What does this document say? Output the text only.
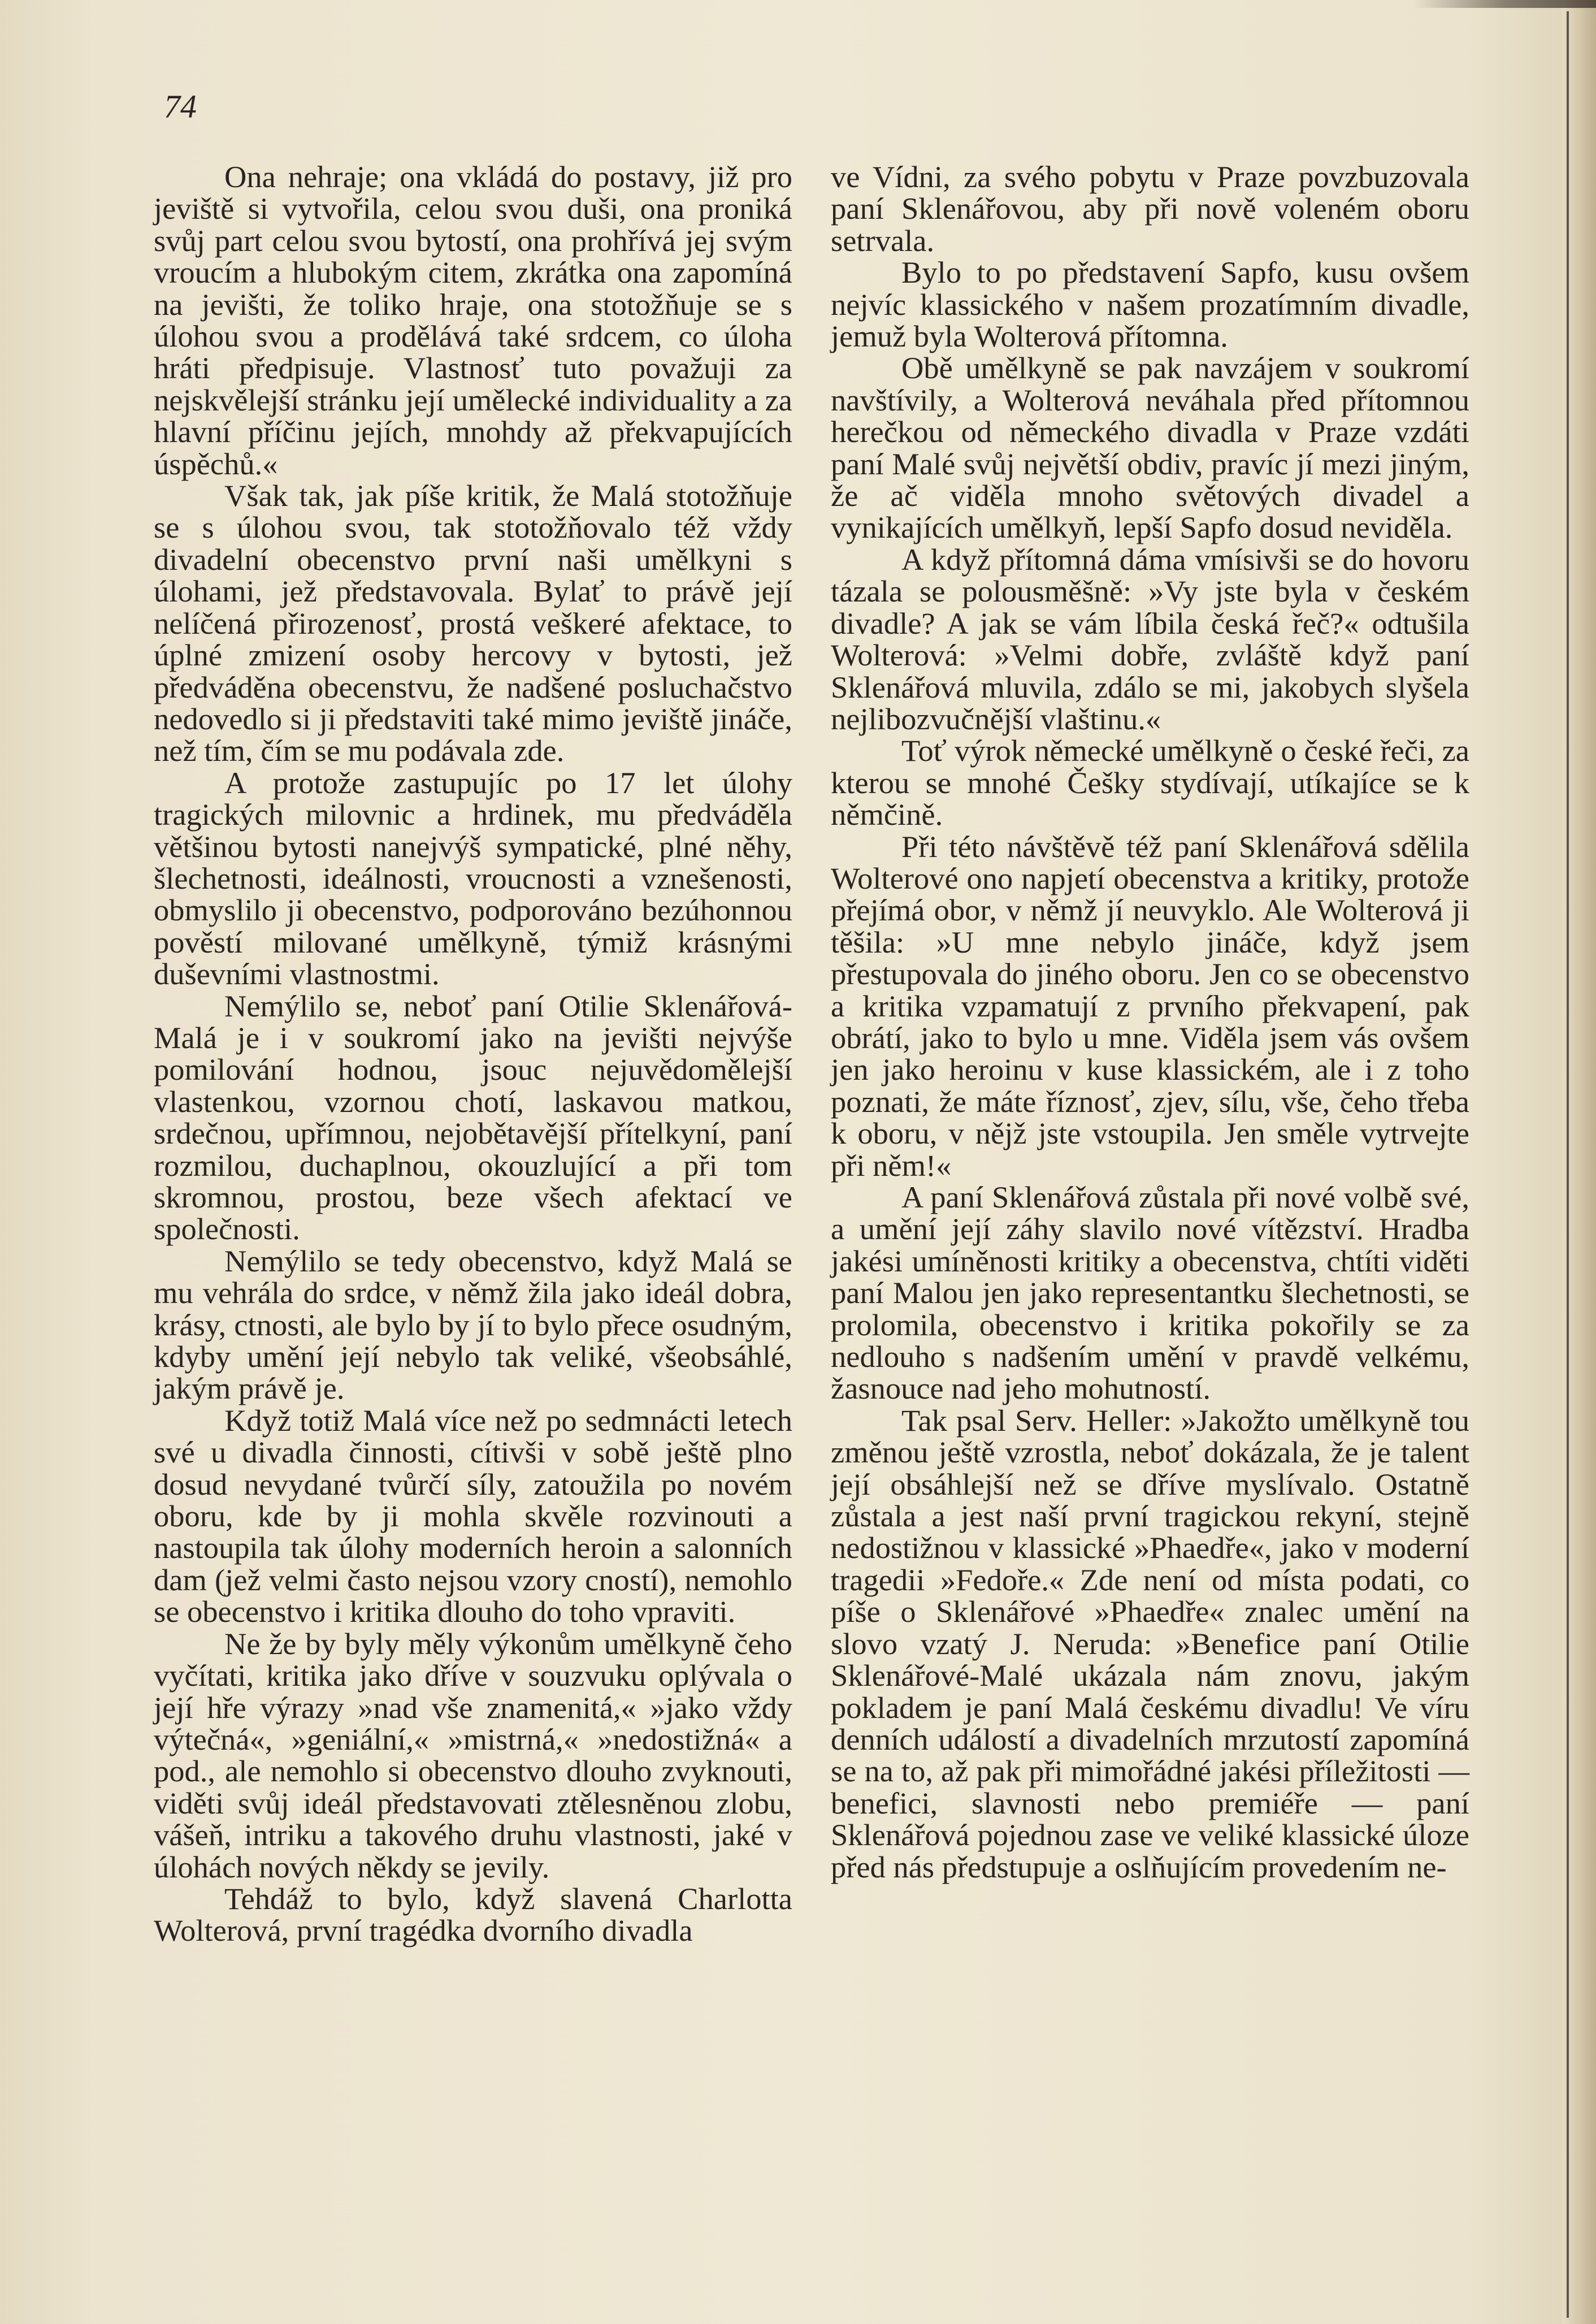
74

Ona nehraje; ona vkládá do postavy, již pro jeviště si vytvořila, celou svou duši, ona proniká svůj part celou svou bytostí, ona prohřívá jej svým vroucím a hlubokým citem, zkrátka ona zapomíná na jevišti, že toliko hraje, ona stotožňuje se s úlohou svou a prodělává také srdcem, co úloha hráti předpisuje. Vlastnosť tuto považuji za nejskvělejší stránku její umělecké individuality a za hlavní příčinu jejích, mnohdy až překvapujících úspěchů.«

Však tak, jak píše kritik, že Malá stotožňuje se s úlohou svou, tak stotožňovalo též vždy divadelní obecenstvo první naši umělkyni s úlohami, jež představovala. Bylať to právě její nelíčená přirozenosť, prostá veškeré afektace, to úplné zmizení osoby hercovy v bytosti, jež předváděna obecenstvu, že nadšené posluchačstvo nedovedlo si ji představiti také mimo jeviště jináče, než tím, čím se mu podávala zde.

A protože zastupujíc po 17 let úlohy tragických milovnic a hrdinek, mu předváděla většinou bytosti nanejvýš sympatické, plné něhy, šlechetnosti, ideálnosti, vroucnosti a vznešenosti, obmyslilo ji obecenstvo, podporováno bezúhonnou pověstí milované umělkyně, týmiž krásnými duševními vlastnostmi.

Nemýlilo se, neboť paní Otilie Sklenářová-Malá je i v soukromí jako na jevišti nejvýše pomilování hodnou, jsouc nejuvědomělejší vlastenkou, vzornou chotí, laskavou matkou, srdečnou, upřímnou, nejobětavější přítelkyní, paní rozmilou, duchaplnou, okouzlující a při tom skromnou, prostou, beze všech afektací ve společnosti.

Nemýlilo se tedy obecenstvo, když Malá se mu vehrála do srdce, v němž žila jako ideál dobra, krásy, ctnosti, ale bylo by jí to bylo přece osudným, kdyby umění její nebylo tak veliké, všeobsáhlé, jakým právě je.

Když totiž Malá více než po sedmnácti letech své u divadla činnosti, cítivši v sobě ještě plno dosud nevydané tvůrčí síly, zatoužila po novém oboru, kde by ji mohla skvěle rozvinouti a nastoupila tak úlohy moderních heroin a salonních dam (jež velmi často nejsou vzory cností), nemohlo se obecenstvo i kritika dlouho do toho vpraviti.

Ne že by byly měly výkonům umělkyně čeho vyčítati, kritika jako dříve v souzvuku oplývala o její hře výrazy »nad vše znamenitá,« »jako vždy výtečná«, »geniální,« »mistrná,« »nedostižná« a pod., ale nemohlo si obecenstvo dlouho zvyknouti, viděti svůj ideál představovati ztělesněnou zlobu, vášeň, intriku a takového druhu vlastnosti, jaké v úlohách nových někdy se jevily.

Tehdáž to bylo, když slavená Charlotta Wolterová, první tragédka dvorního divadla

ve Vídni, za svého pobytu v Praze povzbuzovala paní Sklenářovou, aby při nově voleném oboru setrvala.

Bylo to po představení Sapfo, kusu ovšem nejvíc klassického v našem prozatímním divadle, jemuž byla Wolterová přítomna.

Obě umělkyně se pak navzájem v soukromí navštívily, a Wolterová neváhala před přítomnou herečkou od německého divadla v Praze vzdáti paní Malé svůj největší obdiv, pravíc jí mezi jiným, že ač viděla mnoho světových divadel a vynikajících umělkyň, lepší Sapfo dosud neviděla.

A když přítomná dáma vmísivši se do hovoru tázala se polousměšně: »Vy jste byla v českém divadle? A jak se vám líbila česká řeč?« odtušila Wolterová: »Velmi dobře, zvláště když paní Sklenářová mluvila, zdálo se mi, jakobych slyšela nejlibozvučnější vlaštinu.«

Toť výrok německé umělkyně o české řeči, za kterou se mnohé Češky stydívají, utíkajíce se k němčině.

Při této návštěvě též paní Sklenářová sdělila Wolterové ono napjetí obecenstva a kritiky, protože přejímá obor, v němž jí neuvyklo. Ale Wolterová ji těšila: »U mne nebylo jináče, když jsem přestupovala do jiného oboru. Jen co se obecenstvo a kritika vzpamatují z prvního překvapení, pak obrátí, jako to bylo u mne. Viděla jsem vás ovšem jen jako heroinu v kuse klassickém, ale i z toho poznati, že máte říznosť, zjev, sílu, vše, čeho třeba k oboru, v nějž jste vstoupila. Jen směle vytrvejte při něm!«

A paní Sklenářová zůstala při nové volbě své, a umění její záhy slavilo nové vítězství. Hradba jakési umíněnosti kritiky a obecenstva, chtíti viděti paní Malou jen jako representantku šlechetnosti, se prolomila, obecenstvo i kritika pokořily se za nedlouho s nadšením umění v pravdě velkému, žasnouce nad jeho mohutností.

Tak psal Serv. Heller: »Jakožto umělkyně tou změnou ještě vzrostla, neboť dokázala, že je talent její obsáhlejší než se dříve myslívalo. Ostatně zůstala a jest naší první tragickou rekyní, stejně nedostižnou v klassické »Phaedře«, jako v moderní tragedii »Fedoře.« Zde není od místa podati, co píše o Sklenářové »Phaedře« znalec umění na slovo vzatý J. Neruda: »Benefice paní Otilie Sklenářové-Malé ukázala nám znovu, jakým pokladem je paní Malá českému divadlu! Ve víru denních událostí a divadelních mrzutostí zapomíná se na to, až pak při mimořádné jakési příležitosti — benefici, slavnosti nebo premiéře — paní Sklenářová pojednou zase ve veliké klassické úloze před nás předstupuje a oslňujícím provedením ne-
